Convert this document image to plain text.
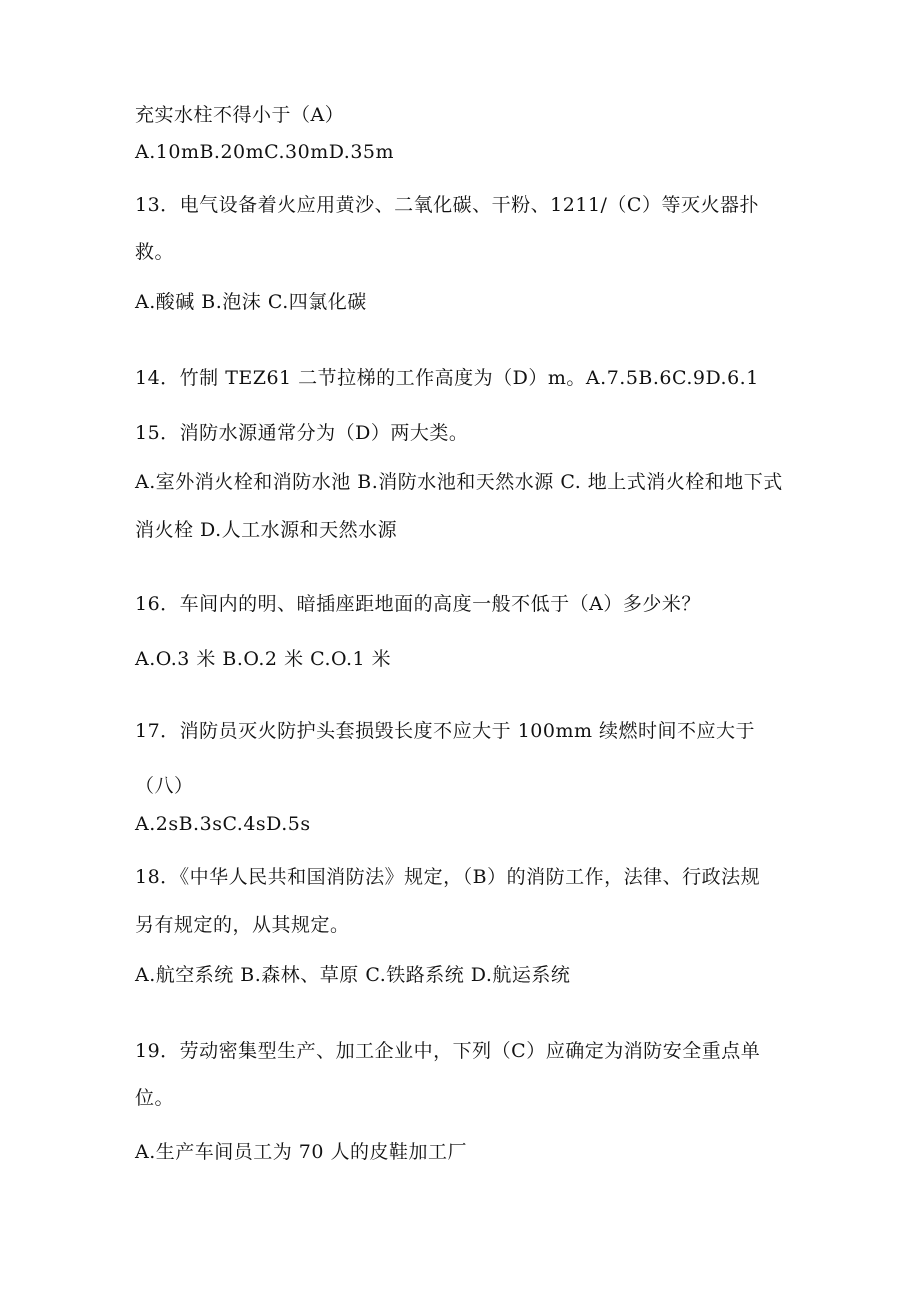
充实水柱不得小于（A）
A.10mB.20mC.30mD.35m
13．电气设备着火应用黄沙、二氧化碳、干粉、1211/（C）等灭火器扑
救。
A.酸碱 B.泡沫 C.四氯化碳
14．竹制 TEZ61 二节拉梯的工作高度为（D）m。A.7.5B.6C.9D.6.1
15．消防水源通常分为（D）两大类。
A.室外消火栓和消防水池 B.消防水池和天然水源 C. 地上式消火栓和地下式
消火栓 D.人工水源和天然水源
16．车间内的明、暗插座距地面的高度一般不低于（A）多少米？
A.O.3 米 B.O.2 米 C.O.1 米
17．消防员灭火防护头套损毁长度不应大于 100mm 续燃时间不应大于
（八）
A.2sB.3sC.4sD.5s
18．《中华人民共和国消防法》规定，（B）的消防工作，法律、行政法规
另有规定的，从其规定。
A.航空系统 B.森林、草原 C.铁路系统 D.航运系统
19．劳动密集型生产、加工企业中，下列（C）应确定为消防安全重点单
位。
A.生产车间员工为 70 人的皮鞋加工厂
